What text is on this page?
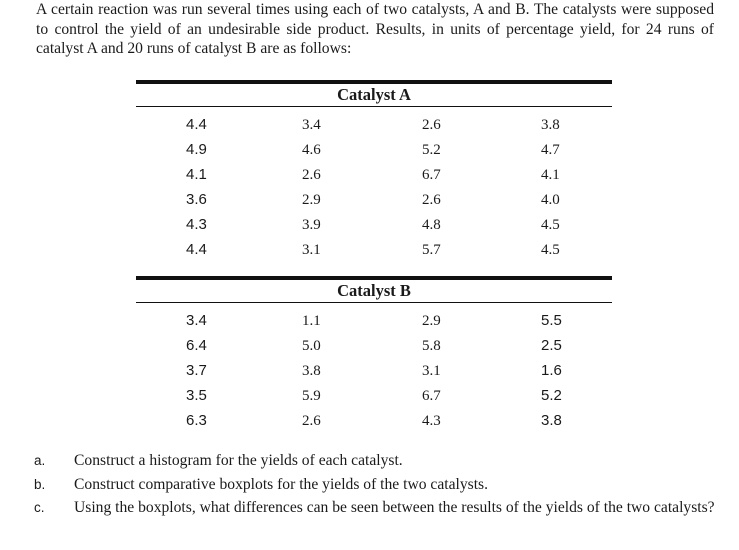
A certain reaction was run several times using each of two catalysts, A and B. The catalysts were supposed to control the yield of an undesirable side product. Results, in units of percentage yield, for 24 runs of catalyst A and 20 runs of catalyst B are as follows:

Catalyst A
4.4	3.4	2.6	3.8
4.9	4.6	5.2	4.7
4.1	2.6	6.7	4.1
3.6	2.9	2.6	4.0
4.3	3.9	4.8	4.5
4.4	3.1	5.7	4.5
Catalyst B
3.4	1.1	2.9	5.5
6.4	5.0	5.8	2.5
3.7	3.8	3.1	1.6
3.5	5.9	6.7	5.2
6.3	2.6	4.3	3.8
a.	Construct a histogram for the yields of each catalyst.
b.	Construct comparative boxplots for the yields of the two catalysts.
c.	Using the boxplots, what differences can be seen between the results of the yields of the two catalysts?
